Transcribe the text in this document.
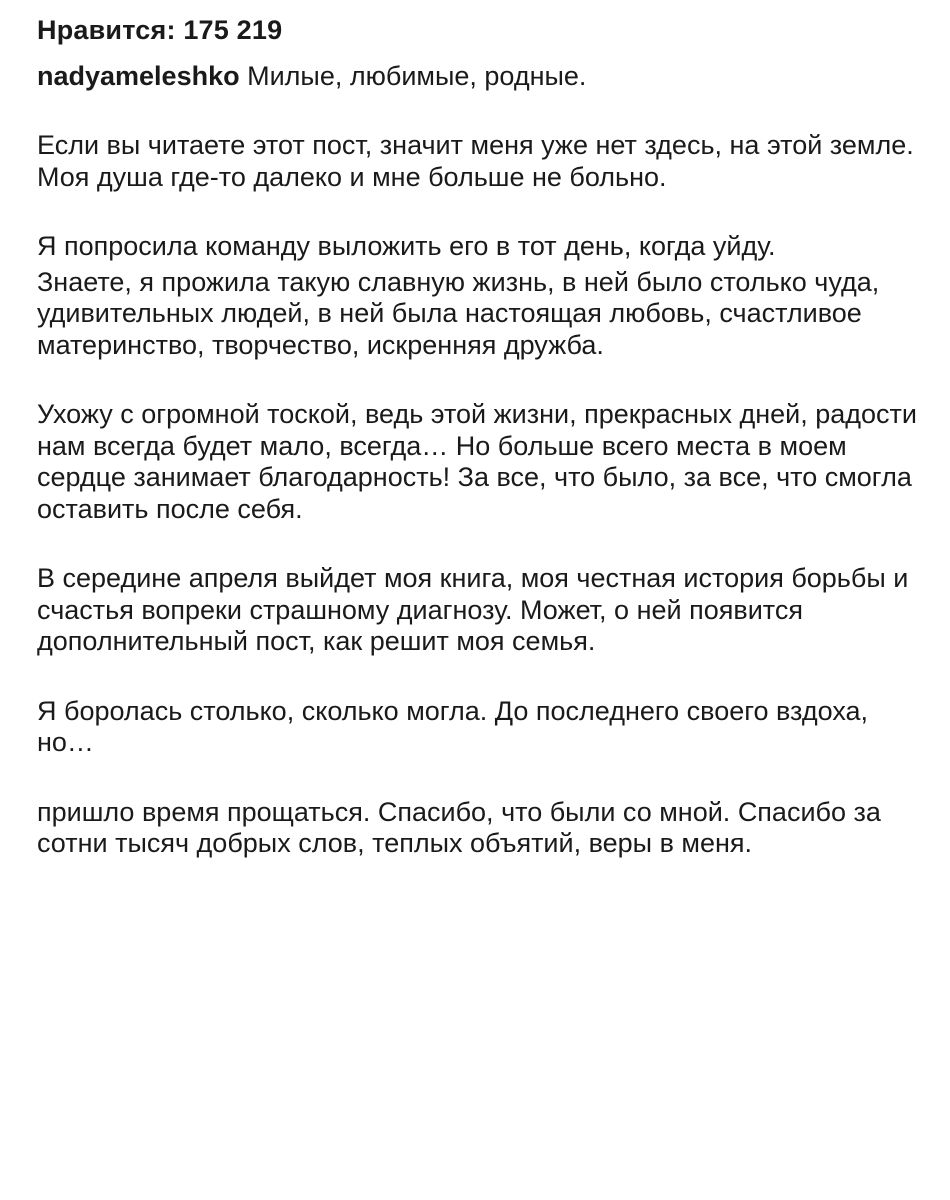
Нравится: 175 219

nadyameleshko Милые, любимые, родные.

Если вы читаете этот пост, значит меня уже нет здесь, на этой земле. Моя душа где-то далеко и мне больше не больно.

Я попросила команду выложить его в тот день, когда уйду.

Знаете, я прожила такую славную жизнь, в ней было столько чуда, удивительных людей, в ней была настоящая любовь, счастливое материнство, творчество, искренняя дружба.

Ухожу с огромной тоской, ведь этой жизни, прекрасных дней, радости нам всегда будет мало, всегда… Но больше всего места в моем сердце занимает благодарность! За все, что было, за все, что смогла оставить после себя.

В середине апреля выйдет моя книга, моя честная история борьбы и счастья вопреки страшному диагнозу. Может, о ней появится дополнительный пост, как решит моя семья.

Я боролась столько, сколько могла. До последнего своего вздоха, но…

пришло время прощаться. Спасибо, что были со мной. Спасибо за сотни тысяч добрых слов, теплых объятий, веры в меня.
